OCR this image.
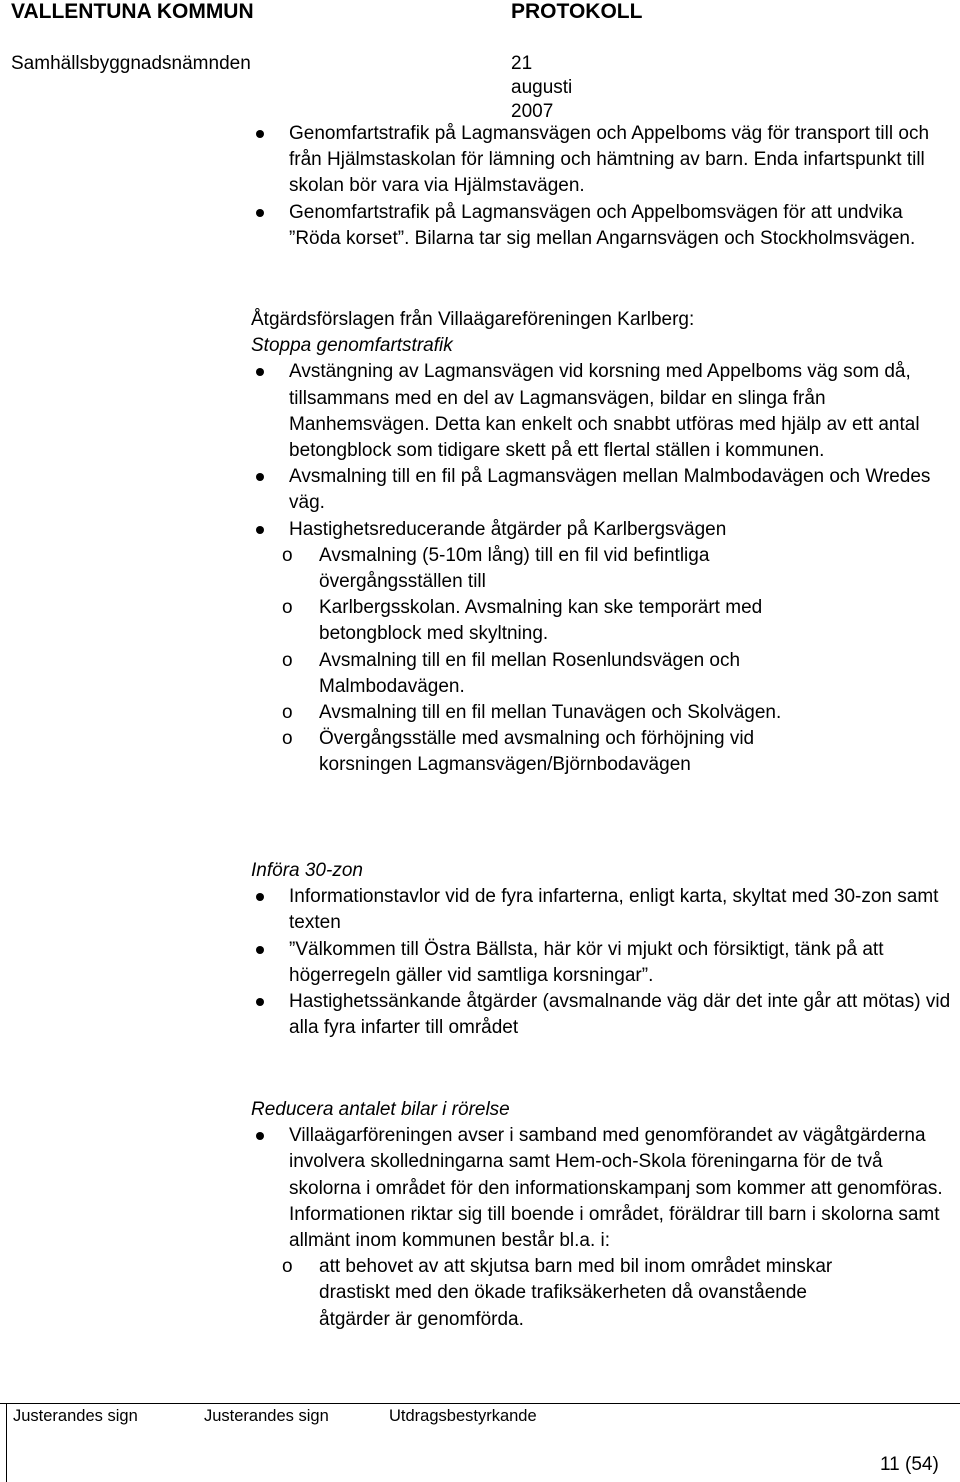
VALLENTUNA KOMMUN	PROTOKOLL
Samhällsbyggnadsnämnden	21 augusti 2007
Genomfartstrafik på Lagmansvägen och Appelboms väg för transport till och från Hjälmstaskolan för lämning och hämtning av barn. Enda infartspunkt till skolan bör vara via Hjälmstavägen.
Genomfartstrafik på Lagmansvägen och Appelbomsvägen för att undvika ”Röda korset”. Bilarna tar sig mellan Angarnsvägen och Stockholmsvägen.
Åtgärdsförslagen från Villaägareföreningen Karlberg:
Stoppa genomfartstrafik
Avstängning av Lagmansvägen vid korsning med Appelboms väg som då, tillsammans med en del av Lagmansvägen, bildar en slinga från Manhemsvägen. Detta kan enkelt och snabbt utföras med hjälp av ett antal betongblock som tidigare skett på ett flertal ställen i kommunen.
Avsmalning till en fil på Lagmansvägen mellan Malmbodavägen och Wredes väg.
Hastighetsreducerande åtgärder på Karlbergsvägen
o Avsmalning (5-10m lång) till en fil vid befintliga övergångsställen till
o Karlbergsskolan. Avsmalning kan ske temporärt med betongblock med skyltning.
o Avsmalning till en fil mellan Rosenlundsvägen och Malmbodavägen.
o Avsmalning till en fil mellan Tunavägen och Skolvägen.
o Övergångsställe med avsmalning och förhöjning vid korsningen Lagmansvägen/Björnbodavägen
Införa 30-zon
Informationstavlor vid de fyra infarterna, enligt karta, skyltat med 30-zon samt texten
”Välkommen till Östra Bällsta, här kör vi mjukt och försiktigt, tänk på att högerregeln gäller vid samtliga korsningar”.
Hastighetssänkande åtgärder (avsmalnande väg där det inte går att mötas) vid alla fyra infarter till området
Reducera antalet bilar i rörelse
Villaägarföreningen avser i samband med genomförandet av vägåtgärderna involvera skolledningarna samt Hem-och-Skola föreningarna för de två skolorna i området för den informationskampanj som kommer att genomföras. Informationen riktar sig till boende i området, föräldrar till barn i skolorna samt allmänt inom kommunen består bl.a. i:
o att behovet av att skjutsa barn med bil inom området minskar drastiskt med den ökade trafiksäkerheten då ovanstående åtgärder är genomförda.
Justerandes sign	Justerandes sign	Utdragsbestyrkande
11 (54)
